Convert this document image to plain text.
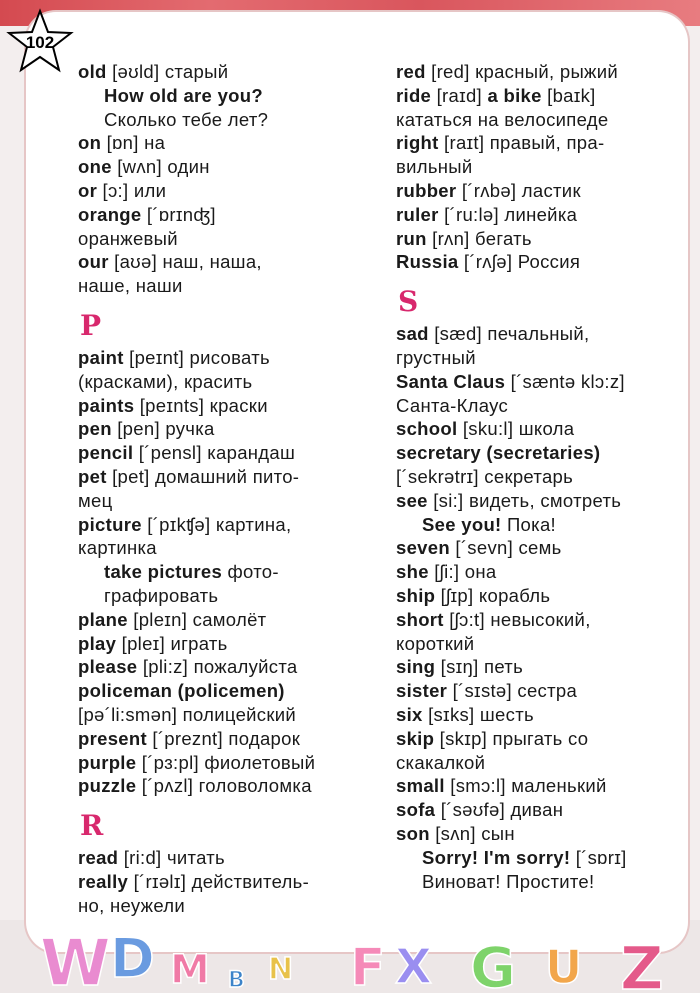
102
old [əʊld] старый
How old are you?
Сколько тебе лет?
on [ɒn] на
one [wʌn] один
or [ɔ:] или
orange [´ɒrɪnʤ]
оранжевый
our [aʊə] наш, наша,
наше, наши
P
paint [peɪnt] рисовать
(красками), красить
paints [peɪnts] краски
pen [pen] ручка
pencil [´pensl] карандаш
pet [pet] домашний пито-
мец
picture [´pɪkʧə] картина,
картинка
take pictures фото-
графировать
plane [pleɪn] самолёт
play [pleɪ] играть
please [pli:z] пожалуйста
policeman (policemen)
[pə´li:smən] полицейский
present [´preznt] подарок
purple [´pɜ:pl] фиолетовый
puzzle [´pʌzl] головоломка
R
read [ri:d] читать
really [´rɪəlɪ] действитель-
но, неужели
red [red] красный, рыжий
ride [raɪd] a bike [baɪk]
кататься на велосипеде
right [raɪt] правый, пра-
вильный
rubber [´rʌbə] ластик
ruler [´ru:lə] линейка
run [rʌn] бегать
Russia [´rʌʃə] Россия
S
sad [sæd] печальный,
грустный
Santa Claus [´sæntə klɔ:z]
Санта-Клаус
school [sku:l] школа
secretary (secretaries)
[´sekrətrɪ] секретарь
see [si:] видеть, смотреть
See you! Пока!
seven [´sevn] семь
she [ʃi:] она
ship [ʃɪp] корабль
short [ʃɔ:t] невысокий,
короткий
sing [sɪŋ] петь
sister [´sɪstə] сестра
six [sɪks] шесть
skip [skɪp] прыгать со
скакалкой
small [smɔ:l] маленький
sofa [´səʊfə] диван
son [sʌn] сын
Sorry! I'm sorry! [´sɒrɪ]
Виноват! Простите!
W D M B N F X G U Z
